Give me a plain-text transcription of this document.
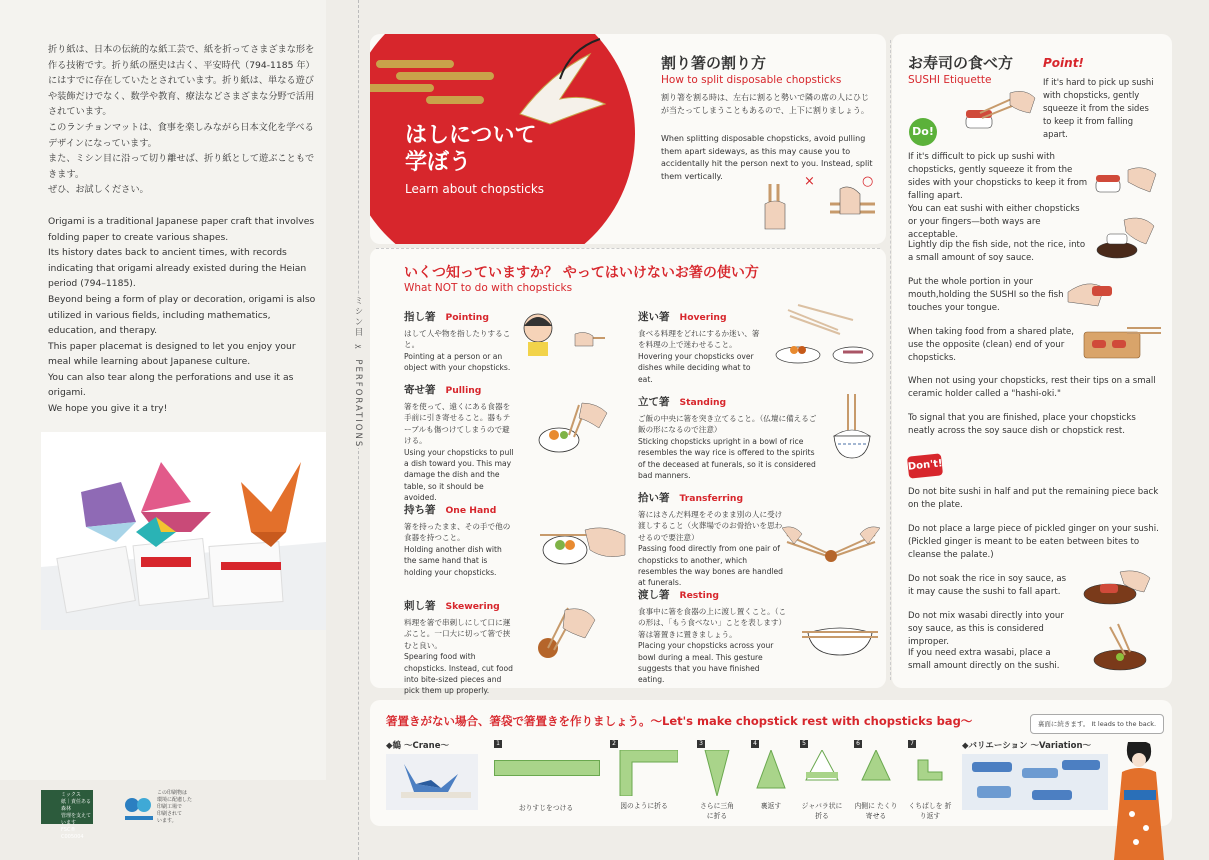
折り紙は、日本の伝統的な紙工芸で、紙を折ってさまざまな形を作る技術です。折り紙の歴史は古く、平安時代（794-1185 年）にはすでに存在していたとされています。折り紙は、単なる遊びや装飾だけでなく、数学や教育、療法などさまざまな分野で活用されています。

このランチョンマットは、食事を楽しみながら日本文化を学べるデザインになっています。

また、ミシン目に沿って切り離せば、折り紙として遊ぶこともできます。

ぜひ、お試しください。

Origami is a traditional Japanese paper craft that involves folding paper to create various shapes.

Its history dates back to ancient times, with records indicating that origami already existed during the Heian period (794–1185).

Beyond being a form of play or decoration, origami is also utilized in various fields, including mathematics, education, and therapy.

This paper placemat is designed to let you enjoy your meal while learning about Japanese culture.

You can also tear along the perforations and use it as origami.

We hope you give it a try!

ミックス
紙｜責任ある森林
管理を支えています
FSC® C005004
この印刷物は
環境に配慮した
印刷工場で
印刷されて
います。
ミシン目 ✂ PERFORATIONS
はしについて
学ぼう
Learn about chopsticks
割り箸の割り方
How to split disposable chopsticks
割り箸を割る時は、左右に割ると勢いで隣の席の人にひじが当たってしまうこともあるので、上下に割りましょう。
When splitting disposable chopsticks, avoid pulling them apart sideways, as this may cause you to accidentally hit the person next to you. Instead, split them vertically.	×	○
いくつ知っていますか？ やってはいけないお箸の使い方
What NOT to do with chopsticks
指し箸 Pointing
はして人や物を指したりすること。
Pointing at a person or an object with your chopsticks.
寄せ箸 Pulling
箸を使って、遠くにある食器を手前に引き寄せること。器もテーブルも傷つけてしまうので避ける。
Using your chopsticks to pull a dish toward you. This may damage the dish and the table, so it should be avoided.
持ち箸 One Hand
箸を持ったまま、その手で他の食器を持つこと。
Holding another dish with the same hand that is holding your chopsticks.
刺し箸 Skewering
料理を箸で串刺しにして口に運ぶこと。一口大に切って箸で挟むと良い。
Spearing food with chopsticks. Instead, cut food into bite-sized pieces and pick them up properly.
迷い箸 Hovering
食べる料理をどれにするか迷い、箸を料理の上で迷わせること。
Hovering your chopsticks over dishes while deciding what to eat.
立て箸 Standing
ご飯の中央に箸を突き立てること。（仏壇に備えるご飯の形になるので注意）
Sticking chopsticks upright in a bowl of rice resembles the way rice is offered to the spirits of the deceased at funerals, so it is considered bad manners.
拾い箸 Transferring
箸にはさんだ料理をそのまま別の人に受け渡しすること（火葬場でのお骨拾いを思わせるので要注意）
Passing food directly from one pair of chopsticks to another, which resembles the way bones are handled at funerals.
渡し箸 Resting
食事中に箸を食器の上に渡し置くこと。（この形は、「もう食べない」ことを表します）箸は箸置きに置きましょう。
Placing your chopsticks across your bowl during a meal. This gesture suggests that you have finished eating.
お寿司の食べ方
SUSHI Etiquette
Point!
If it's hard to pick up sushi with chopsticks, gently squeeze it from the sides to keep it from falling apart.
Do!
If it's difficult to pick up sushi with chopsticks, gently squeeze it from the sides with your chopsticks to keep it from falling apart.
You can eat sushi with either chopsticks or your fingers—both ways are acceptable.
Lightly dip the fish side, not the rice, into a small amount of soy sauce.
Put the whole portion in your mouth,holding the SUSHI so the fish touches your tongue.
When taking food from a shared plate, use the opposite (clean) end of your chopsticks.
When not using your chopsticks, rest their tips on a small ceramic holder called a "hashi-oki."
To signal that you are finished, place your chopsticks neatly across the soy sauce dish or chopstick rest.
Don't!
Do not bite sushi in half and put the remaining piece back on the plate.
Do not place a large piece of pickled ginger on your sushi.
(Pickled ginger is meant to be eaten between bites to cleanse the palate.)
Do not soak the rice in soy sauce, as it may cause the sushi to fall apart.
Do not mix wasabi directly into your soy sauce, as this is considered improper.
If you need extra wasabi, place a small amount directly on the sushi.
箸置きがない場合、箸袋で箸置きを作りましょう。〜Let's make chopstick rest with chopsticks bag〜	裏面に続きます。 It leads to the back.
◆鶴 〜Crane〜	1
おりすじをつける
2
図のように折る
3
さらに三角に折る
4
裏返す
5
ジャバラ状に折る
6
内側に たくり寄せる
7
くちばしを 折り返す
◆バリエーション 〜Variation〜
